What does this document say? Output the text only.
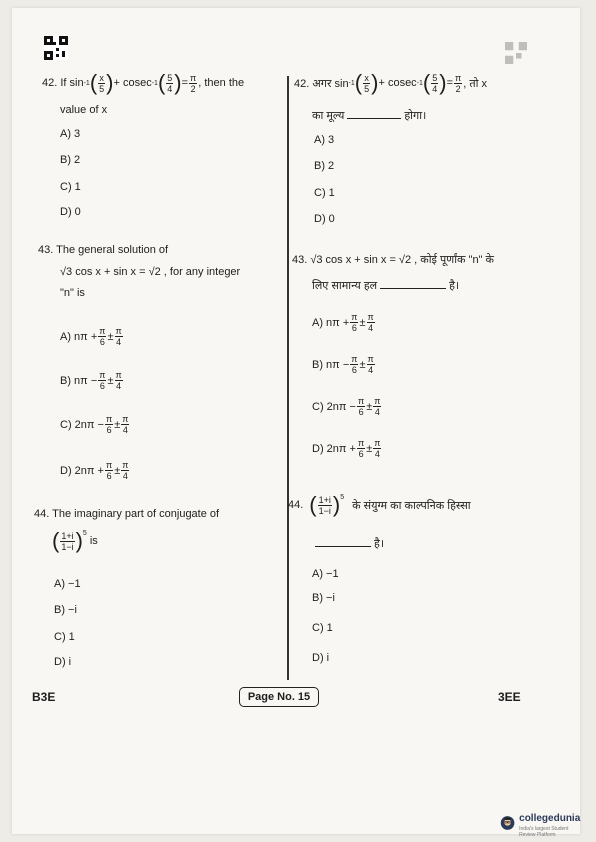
42. If sin -1 ( $\frac{x}{5}$ ) + cosec -1 ( $\frac{5}{4}$ ) = $\frac{\pi}{2}$ , then the
value of x
A) 3
B) 2
C) 1
D) 0
42. अगर sin -1 ( $\frac{x}{5}$ ) + cosec -1 ( $\frac{5}{4}$ ) = $\frac{\pi}{2}$ , तो x
का मूल्य	होगा।
A) 3
B) 2
C) 1
D) 0
43. The general solution of
√3 cos x + sin x = √2 , for any integer
"n" is
A) $n\pi + \frac{\pi}{6} \pm \frac{\pi}{4}$
B) $n\pi - \frac{\pi}{6} \pm \frac{\pi}{4}$
C) $2n\pi - \frac{\pi}{6} \pm \frac{\pi}{4}$
D) $2n\pi + \frac{\pi}{6} \pm \frac{\pi}{4}$
43. √3 cos x + sin x = √2 , कोई पूर्णांक "n" के
लिए सामान्य हल	है।
A) $n\pi + \frac{\pi}{6} \pm \frac{\pi}{4}$
B) $n\pi - \frac{\pi}{6} \pm \frac{\pi}{4}$
C) $2n\pi - \frac{\pi}{6} \pm \frac{\pi}{4}$
D) $2n\pi + \frac{\pi}{6} \pm \frac{\pi}{4}$
44. The imaginary part of conjugate of
( $\frac{1+i}{1-i} )^5$
is
A) −1
B) −i
C) 1
D) i
44. ( $\frac{1+i}{1-i} )^5$
के संयुग्म का काल्पनिक हिस्सा
है।
A) −1
B) −i
C) 1
D) i
B3E	Page No. 15	3EE
collegedunia
India's largest Student Review Platform
